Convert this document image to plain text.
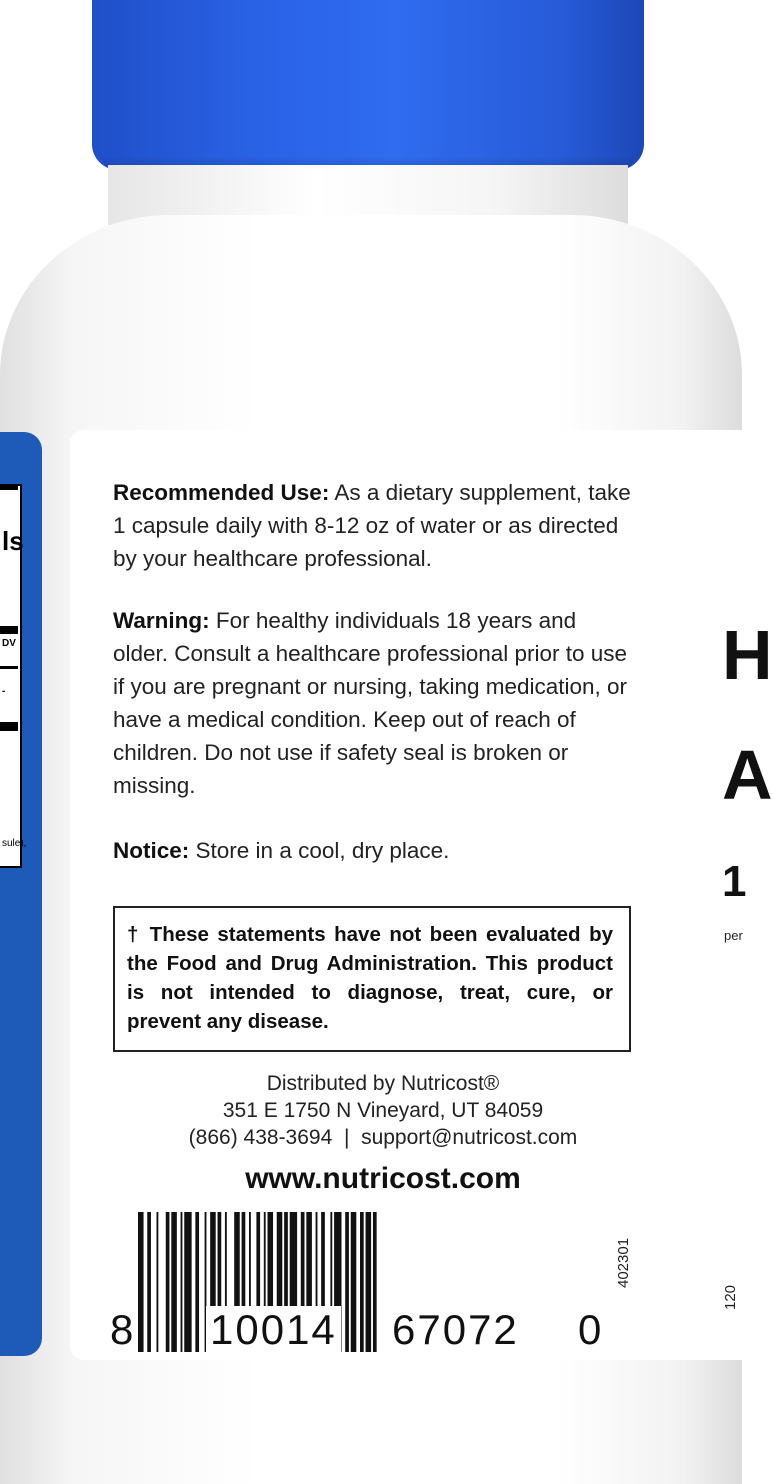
ls
DV
-
sule),
H
A
1
per

Recommended Use: As a dietary supplement, take 1 capsule daily with 8-12 oz of water or as directed by your healthcare professional.

Warning: For healthy individuals 18 years and older. Consult a healthcare professional prior to use if you are pregnant or nursing, taking medication, or have a medical condition. Keep out of reach of children. Do not use if safety seal is broken or missing.

Notice: Store in a cool, dry place.

† These statements have not been evaluated by the Food and Drug Administration. This product is not intended to diagnose, treat, cure, or prevent any disease.
Distributed by Nutricost®
351 E 1750 N Vineyard, UT 84059
(866) 438-3694  |  support@nutricost.com
www.nutricost.com
8 10014 67072 0
402301
120
